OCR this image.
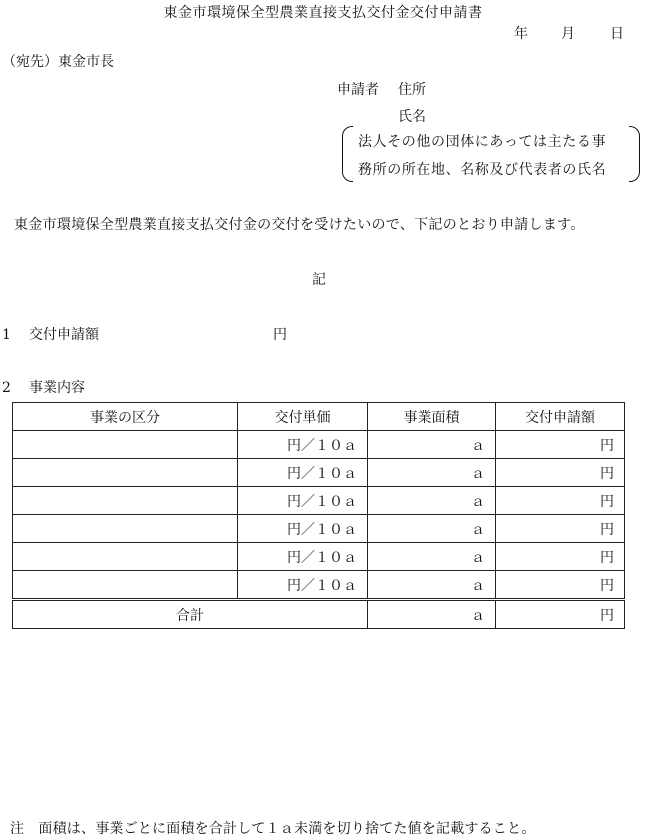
東金市環境保全型農業直接支払交付金交付申請書
年 月	日
（宛先）東金市長
申請者 住所
氏名
法人その他の団体にあっては主たる事
務所の所在地、名称及び代表者の氏名
東金市環境保全型農業直接支払交付金の交付を受けたいので、下記のとおり申請します。
記
1 交付申請額	円
2 事業内容
事業の区分	交付単価	事業面積	交付申請額
	円／１０ａ	ａ	円
	円／１０ａ	ａ	円
	円／１０ａ	ａ	円
	円／１０ａ	ａ	円
	円／１０ａ	ａ	円
	円／１０ａ	ａ	円
合計		ａ	円
注　面積は、事業ごとに面積を合計して１ａ未満を切り捨てた値を記載すること。
